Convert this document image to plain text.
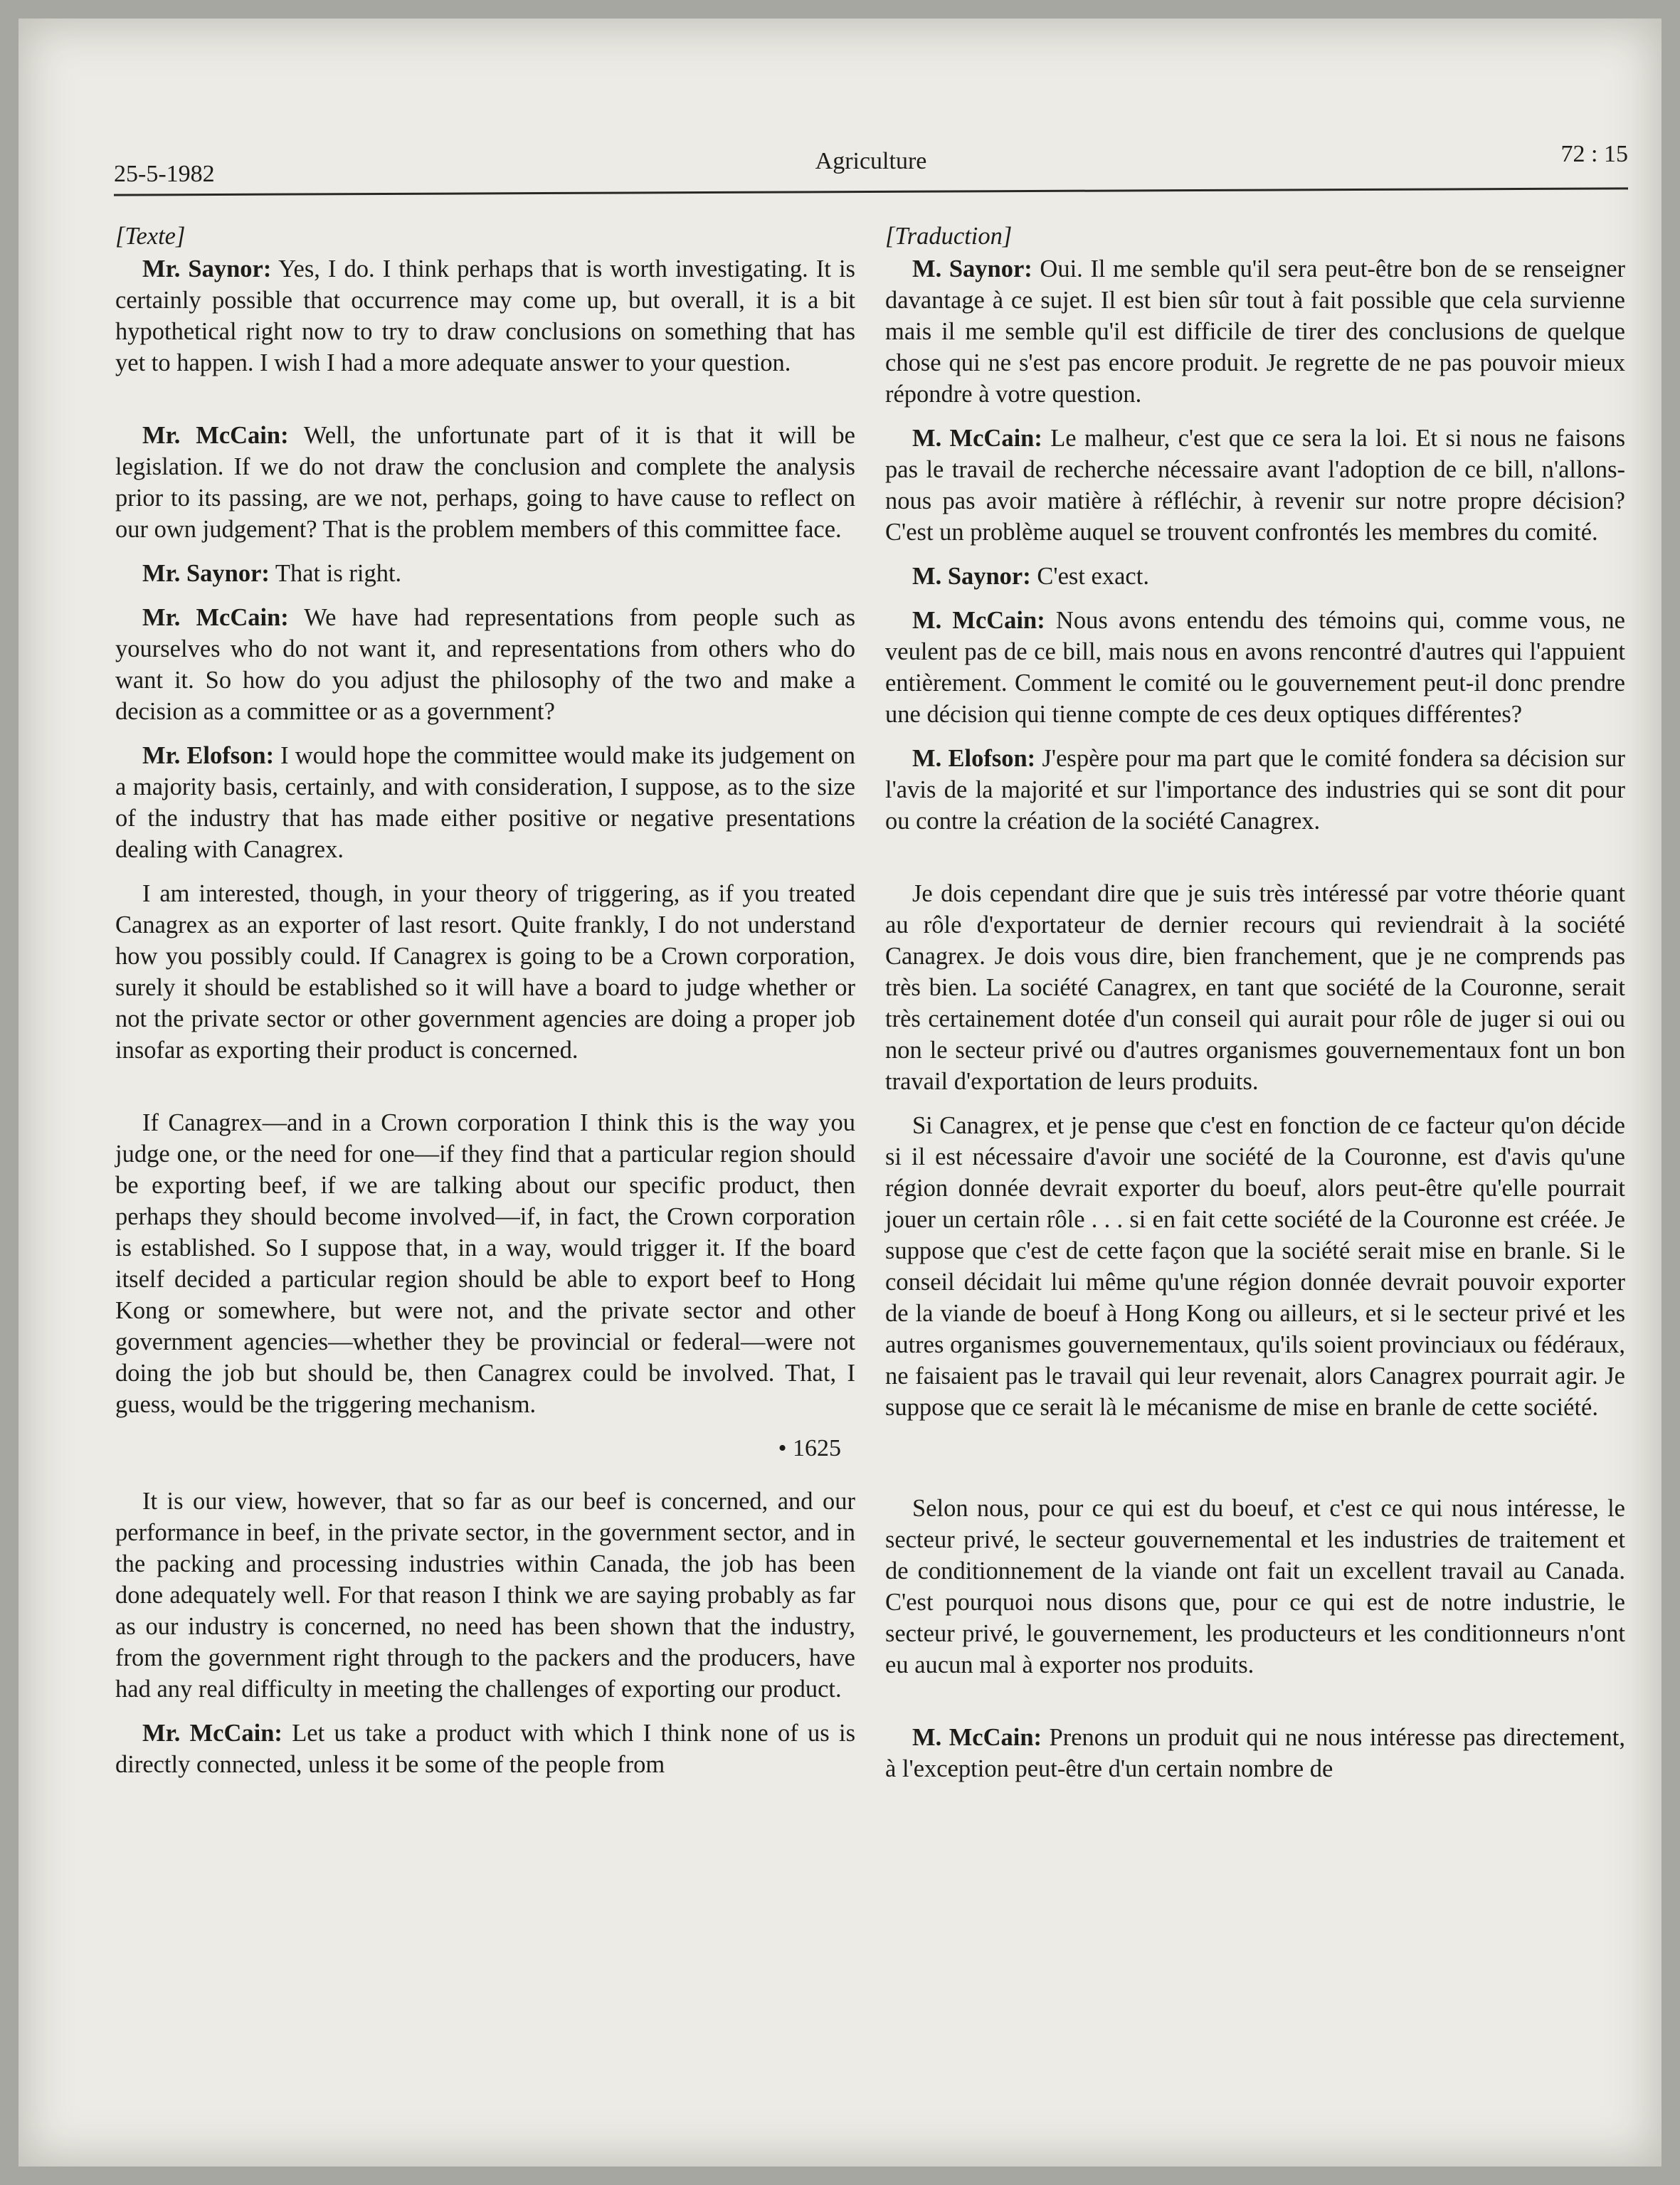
25-5-1982	Agriculture	72 : 15

[Texte]

Mr. Saynor: Yes, I do. I think perhaps that is worth investigating. It is certainly possible that occurrence may come up, but overall, it is a bit hypothetical right now to try to draw conclusions on something that has yet to happen. I wish I had a more adequate answer to your question.

Mr. McCain: Well, the unfortunate part of it is that it will be legislation. If we do not draw the conclusion and complete the analysis prior to its passing, are we not, perhaps, going to have cause to reflect on our own judgement? That is the problem members of this committee face.

Mr. Saynor: That is right.

Mr. McCain: We have had representations from people such as yourselves who do not want it, and representations from others who do want it. So how do you adjust the philosophy of the two and make a decision as a committee or as a government?

Mr. Elofson: I would hope the committee would make its judgement on a majority basis, certainly, and with consideration, I suppose, as to the size of the industry that has made either positive or negative presentations dealing with Canagrex.

I am interested, though, in your theory of triggering, as if you treated Canagrex as an exporter of last resort. Quite frankly, I do not understand how you possibly could. If Canagrex is going to be a Crown corporation, surely it should be established so it will have a board to judge whether or not the private sector or other government agencies are doing a proper job insofar as exporting their product is concerned.

If Canagrex—and in a Crown corporation I think this is the way you judge one, or the need for one—if they find that a particular region should be exporting beef, if we are talking about our specific product, then perhaps they should become involved—if, in fact, the Crown corporation is established. So I suppose that, in a way, would trigger it. If the board itself decided a particular region should be able to export beef to Hong Kong or somewhere, but were not, and the private sector and other government agencies—whether they be provincial or federal—were not doing the job but should be, then Canagrex could be involved. That, I guess, would be the triggering mechanism.

• 1625

It is our view, however, that so far as our beef is concerned, and our performance in beef, in the private sector, in the government sector, and in the packing and processing industries within Canada, the job has been done adequately well. For that reason I think we are saying probably as far as our industry is concerned, no need has been shown that the industry, from the government right through to the packers and the producers, have had any real difficulty in meeting the challenges of exporting our product.

Mr. McCain: Let us take a product with which I think none of us is directly connected, unless it be some of the people from

[Traduction]

M. Saynor: Oui. Il me semble qu'il sera peut-être bon de se renseigner davantage à ce sujet. Il est bien sûr tout à fait possible que cela survienne mais il me semble qu'il est difficile de tirer des conclusions de quelque chose qui ne s'est pas encore produit. Je regrette de ne pas pouvoir mieux répondre à votre question.

M. McCain: Le malheur, c'est que ce sera la loi. Et si nous ne faisons pas le travail de recherche nécessaire avant l'adoption de ce bill, n'allons-nous pas avoir matière à réfléchir, à revenir sur notre propre décision? C'est un problème auquel se trouvent confrontés les membres du comité.

M. Saynor: C'est exact.

M. McCain: Nous avons entendu des témoins qui, comme vous, ne veulent pas de ce bill, mais nous en avons rencontré d'autres qui l'appuient entièrement. Comment le comité ou le gouvernement peut-il donc prendre une décision qui tienne compte de ces deux optiques différentes?

M. Elofson: J'espère pour ma part que le comité fondera sa décision sur l'avis de la majorité et sur l'importance des industries qui se sont dit pour ou contre la création de la société Canagrex.

Je dois cependant dire que je suis très intéressé par votre théorie quant au rôle d'exportateur de dernier recours qui reviendrait à la société Canagrex. Je dois vous dire, bien franchement, que je ne comprends pas très bien. La société Canagrex, en tant que société de la Couronne, serait très certainement dotée d'un conseil qui aurait pour rôle de juger si oui ou non le secteur privé ou d'autres organismes gouvernementaux font un bon travail d'exportation de leurs produits.

Si Canagrex, et je pense que c'est en fonction de ce facteur qu'on décide si il est nécessaire d'avoir une société de la Couronne, est d'avis qu'une région donnée devrait exporter du boeuf, alors peut-être qu'elle pourrait jouer un certain rôle . . . si en fait cette société de la Couronne est créée. Je suppose que c'est de cette façon que la société serait mise en branle. Si le conseil décidait lui même qu'une région donnée devrait pouvoir exporter de la viande de boeuf à Hong Kong ou ailleurs, et si le secteur privé et les autres organismes gouvernementaux, qu'ils soient provinciaux ou fédéraux, ne faisaient pas le travail qui leur revenait, alors Canagrex pourrait agir. Je suppose que ce serait là le mécanisme de mise en branle de cette société.

Selon nous, pour ce qui est du boeuf, et c'est ce qui nous intéresse, le secteur privé, le secteur gouvernemental et les industries de traitement et de conditionnement de la viande ont fait un excellent travail au Canada. C'est pourquoi nous disons que, pour ce qui est de notre industrie, le secteur privé, le gouvernement, les producteurs et les conditionneurs n'ont eu aucun mal à exporter nos produits.

M. McCain: Prenons un produit qui ne nous intéresse pas directement, à l'exception peut-être d'un certain nombre de
